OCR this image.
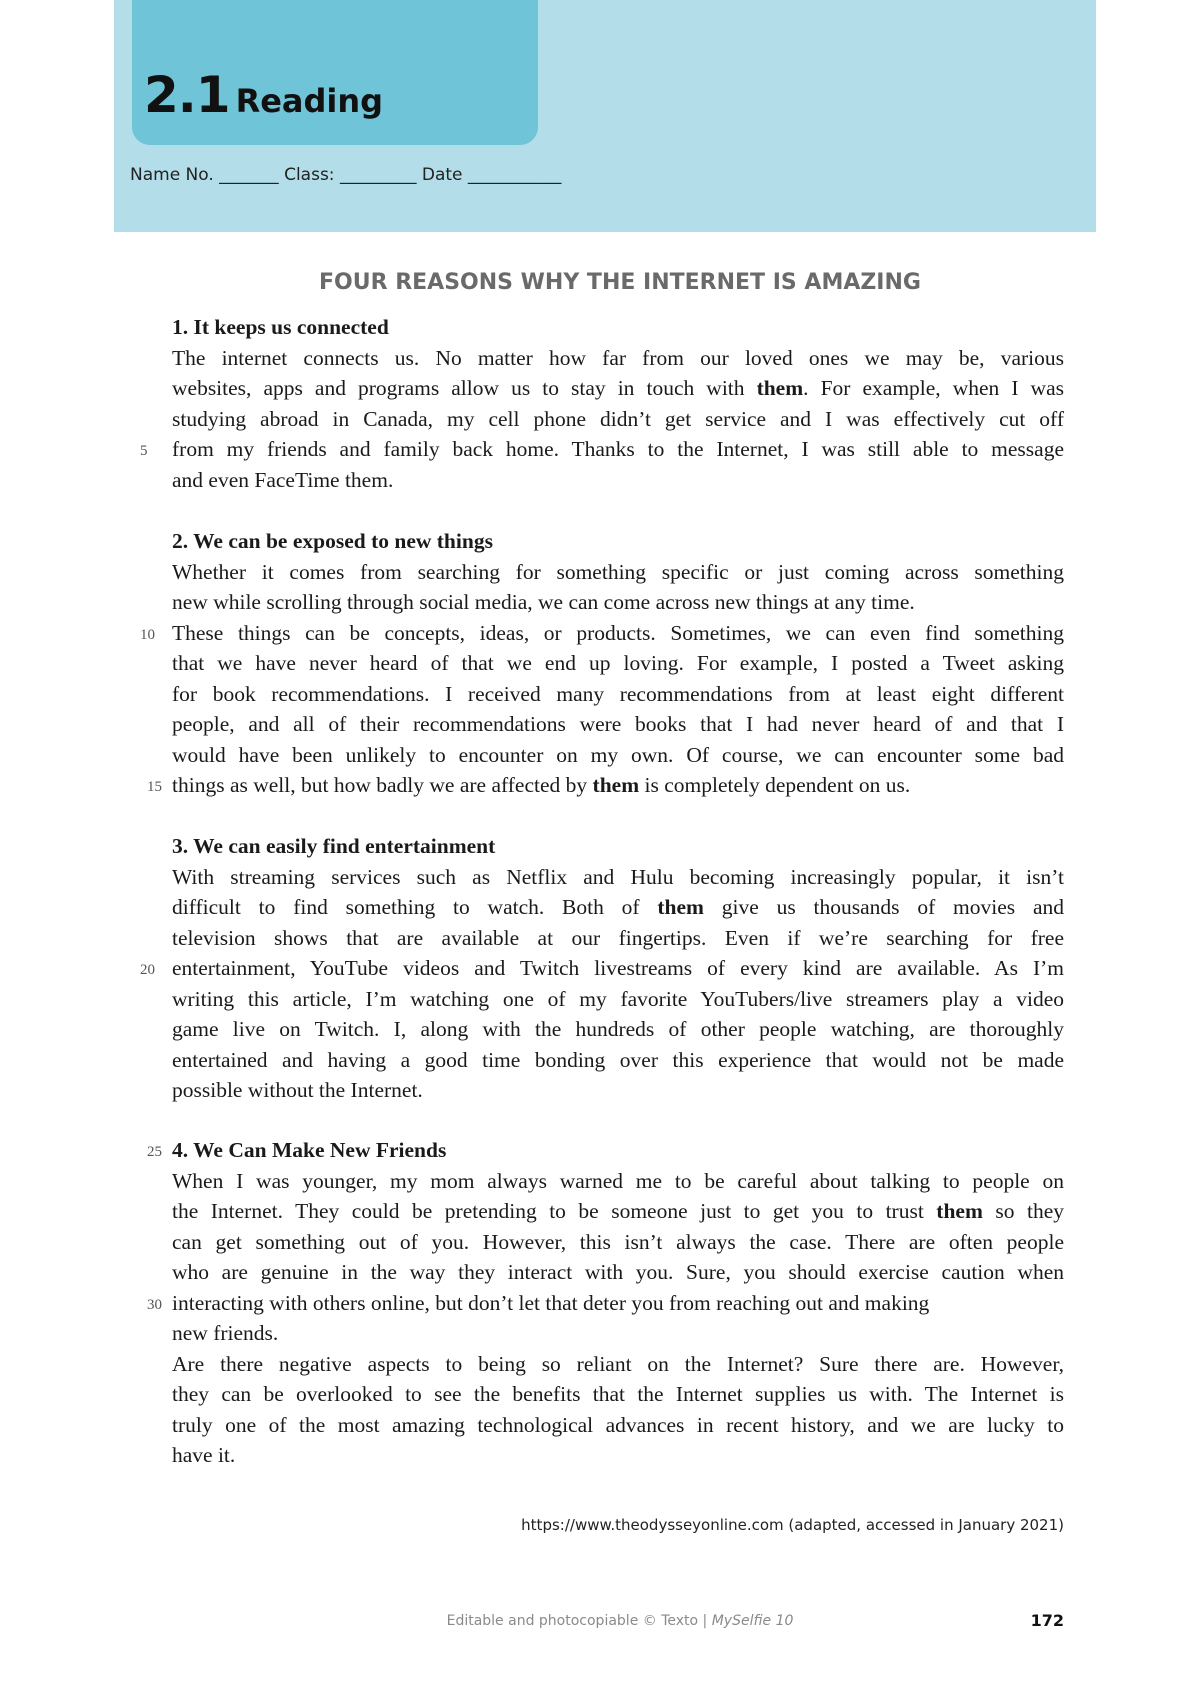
2.1 Reading
Name No. _______ Class: _________ Date ___________
FOUR REASONS WHY THE INTERNET IS AMAZING
1. It keeps us connected
The internet connects us. No matter how far from our loved ones we may be, various
websites, apps and programs allow us to stay in touch with them. For example, when I was
studying abroad in Canada, my cell phone didn’t get service and I was effectively cut off
5	from my friends and family back home. Thanks to the Internet, I was still able to message
and even FaceTime them.
2. We can be exposed to new things
Whether it comes from searching for something specific or just coming across something
new while scrolling through social media, we can come across new things at any time.
10 These things can be concepts, ideas, or products. Sometimes, we can even find something
that we have never heard of that we end up loving. For example, I posted a Tweet asking
for book recommendations. I received many recommendations from at least eight different
people, and all of their recommendations were books that I had never heard of and that I
would have been unlikely to encounter on my own. Of course, we can encounter some bad
15 things as well, but how badly we are affected by them is completely dependent on us.
3. We can easily find entertainment
With streaming services such as Netflix and Hulu becoming increasingly popular, it isn’t
difficult to find something to watch. Both of them give us thousands of movies and
television shows that are available at our fingertips. Even if we’re searching for free
20 entertainment, YouTube videos and Twitch livestreams of every kind are available. As I’m
writing this article, I’m watching one of my favorite YouTubers/live streamers play a video
game live on Twitch. I, along with the hundreds of other people watching, are thoroughly
entertained and having a good time bonding over this experience that would not be made
possible without the Internet.
25 4. We Can Make New Friends
When I was younger, my mom always warned me to be careful about talking to people on
the Internet. They could be pretending to be someone just to get you to trust them so they
can get something out of you. However, this isn’t always the case. There are often people
who are genuine in the way they interact with you. Sure, you should exercise caution when
30 interacting with others online, but don’t let that deter you from reaching out and making
new friends.
Are there negative aspects to being so reliant on the Internet? Sure there are. However,
they can be overlooked to see the benefits that the Internet supplies us with. The Internet is
truly one of the most amazing technological advances in recent history, and we are lucky to
have it.
https://www.theodysseyonline.com (adapted, accessed in January 2021)
Editable and photocopiable © Texto | MySelfie 10	172
